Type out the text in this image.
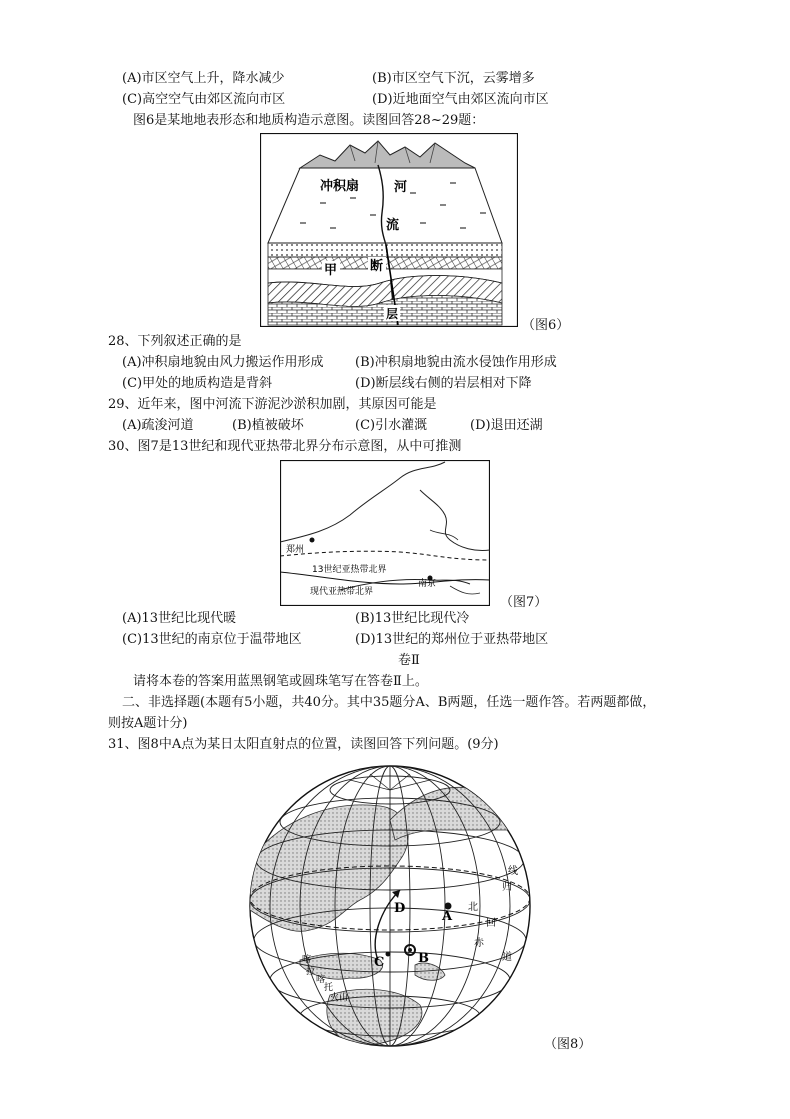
(A)市区空气上升，降水减少	(B)市区空气下沉，云雾增多
(C)高空空气由郊区流向市区	(D)近地面空气由郊区流向市区
图6是某地地表形态和地质构造示意图。读图回答28~29题：
冲积扇	河
流
甲	断
层
（图6）
28、下列叙述正确的是
(A)冲积扇地貌由风力搬运作用形成 (B)冲积扇地貌由流水侵蚀作用形成
(C)甲处的地质构造是背斜	(D)断层线右侧的岩层相对下降
29、近年来，图中河流下游泥沙淤积加剧，其原因可能是
(A)疏浚河道	(B)植被破坏	(C)引水灌溉	(D)退田还湖
30、图7是13世纪和现代亚热带北界分布示意图，从中可推测
郑州
13世纪亚热带北界
南京
现代亚热带北界
（图7）
(A)13世纪比现代暖	(B)13世纪比现代冷
(C)13世纪的南京位于温带地区	(D)13世纪的郑州位于亚热带地区
卷Ⅱ
请将本卷的答案用蓝黑钢笔或圆珠笔写在答卷Ⅱ上。
二、非选择题(本题有5小题，共40分。其中35题分A、B两题，任选一题作答。若两题都做，
则按A题计分)
31、图8中A点为某日太阳直射点的位置，读图回答下列问题。(9分)
A
D
B
C
线
归
北
回
赤
道
喀
拉
喀
托
火山
（图8）
